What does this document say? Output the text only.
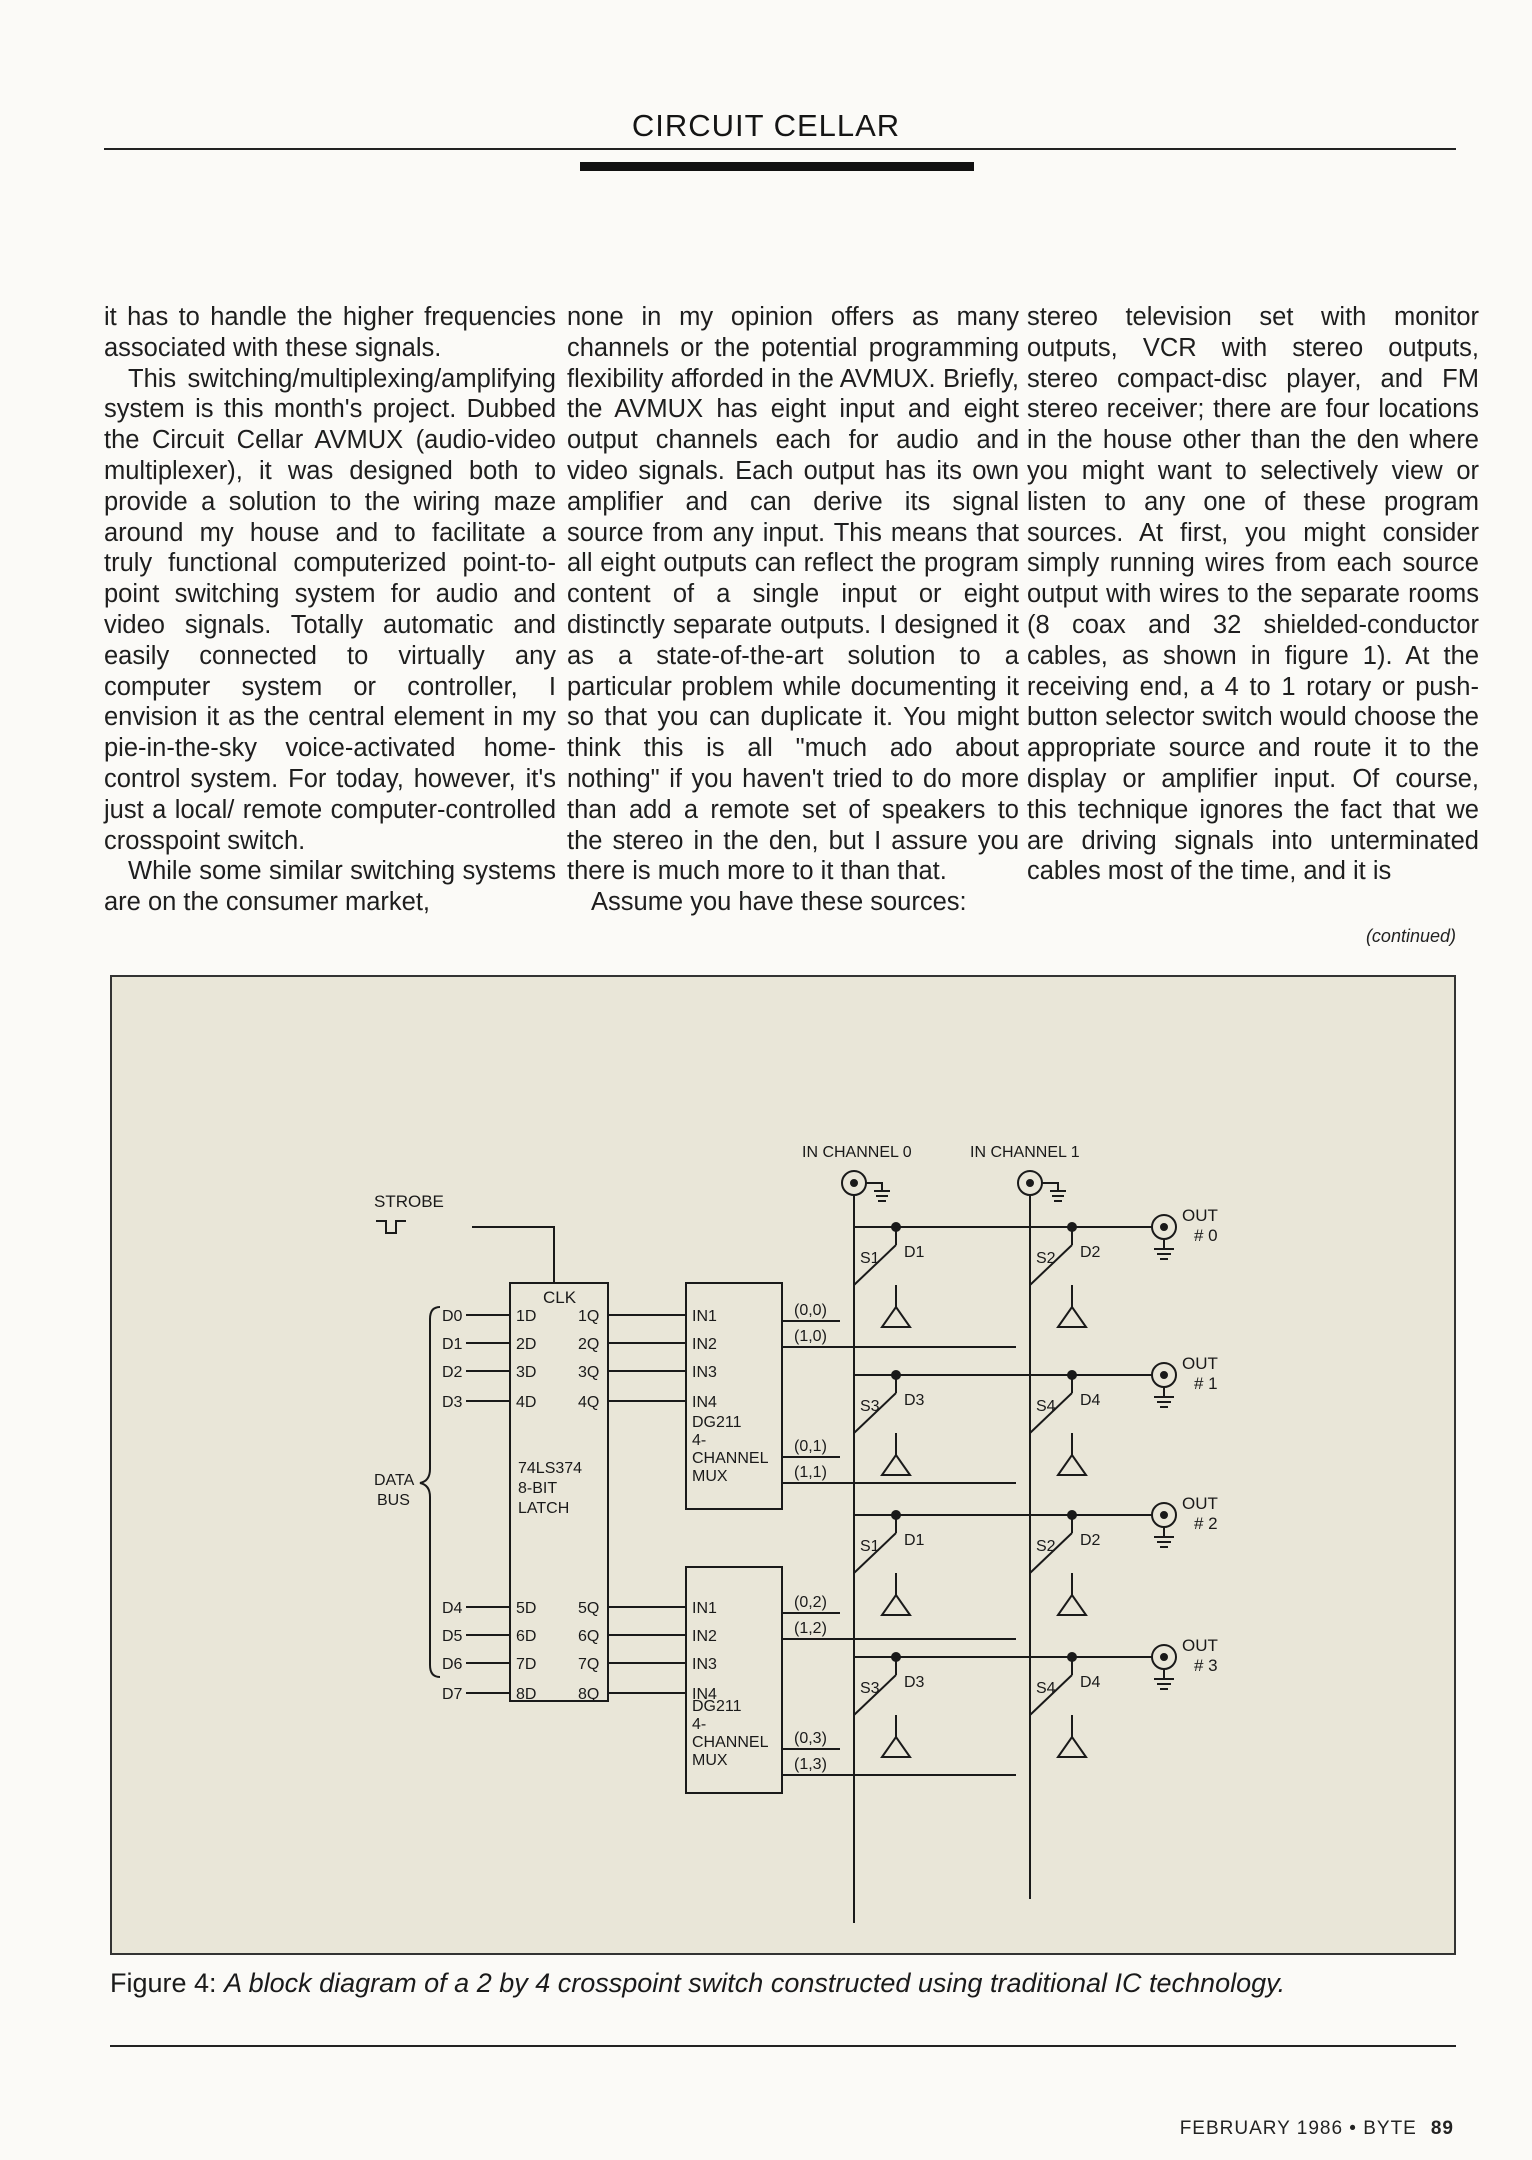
CIRCUIT CELLAR

it has to handle the higher frequencies associated with these signals.

This switching/multiplexing/amplifying system is this month's project. Dubbed the Circuit Cellar AVMUX (audio-video multiplexer), it was designed both to provide a solution to the wiring maze around my house and to facilitate a truly functional computerized point-to-point switching system for audio and video signals. Totally automatic and easily connected to virtually any computer system or controller, I envision it as the central element in my pie-in-the-sky voice-activated home-control system. For today, however, it's just a local/ remote computer-controlled crosspoint switch.

While some similar switching systems are on the consumer market,

none in my opinion offers as many channels or the potential programming flexibility afforded in the AVMUX. Briefly, the AVMUX has eight input and eight output channels each for audio and video signals. Each output has its own amplifier and can derive its signal source from any input. This means that all eight outputs can reflect the program content of a single input or eight distinctly separate outputs. I designed it as a state-of-the-art solution to a particular problem while documenting it so that you can duplicate it. You might think this is all "much ado about nothing" if you haven't tried to do more than add a remote set of speakers to the stereo in the den, but I assure you there is much more to it than that.

Assume you have these sources:

stereo television set with monitor outputs, VCR with stereo outputs, stereo compact-disc player, and FM stereo receiver; there are four locations in the house other than the den where you might want to selectively view or listen to any one of these program sources. At first, you might consider simply running wires from each source output with wires to the separate rooms (8 coax and 32 shielded-conductor cables, as shown in figure 1). At the receiving end, a 4 to 1 rotary or push-button selector switch would choose the appropriate source and route it to the display or amplifier input. Of course, this technique ignores the fact that we are driving signals into unterminated cables most of the time, and it is

(continued)
STROBE
CLK
1D	1Q
D0
2D	2Q
D1
3D	3Q
D2
4D	4Q
D3
5D	5Q
D4
6D	6Q
D5
7D	7Q
D6
8D	8Q
D7
74LS374
8-BIT
LATCH
DATA
BUS
IN1
IN2
IN3
IN4
IN1
IN2
IN3
IN4
DG211
4-
CHANNEL
MUX
DG211
4-
CHANNEL
MUX
(0,0)
(1,0)
(0,1)
(1,1)
(0,2)
(1,2)
(0,3)
(1,3)
IN CHANNEL 0	IN CHANNEL 1
S1 D1	S2 D2
S3 D3	S4 D4
S1 D1	S2 D2
S3 D3	S4 D4
OUT
# 0
OUT
# 1
OUT
# 2
OUT
# 3
Figure 4: A block diagram of a 2 by 4 crosspoint switch constructed using traditional IC technology.
FEBRUARY 1986 • BYTE 89
